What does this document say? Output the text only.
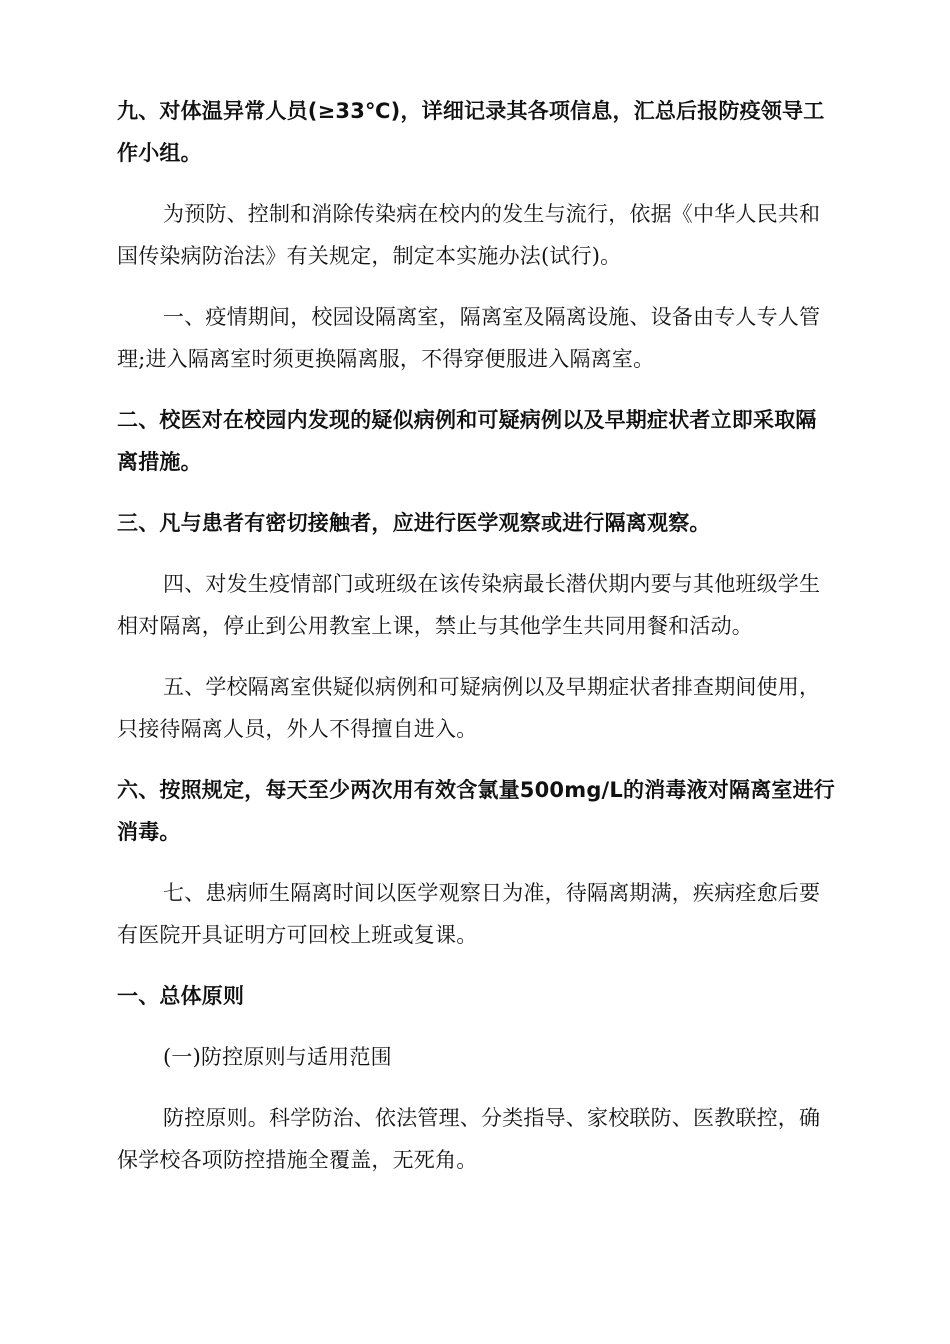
九、对体温异常人员(≥33℃)，详细记录其各项信息，汇总后报防疫领导工作小组。

为预防、控制和消除传染病在校内的发生与流行，依据《中华人民共和国传染病防治法》有关规定，制定本实施办法(试行)。

一、疫情期间，校园设隔离室，隔离室及隔离设施、设备由专人专人管理;进入隔离室时须更换隔离服，不得穿便服进入隔离室。

二、校医对在校园内发现的疑似病例和可疑病例以及早期症状者立即采取隔离措施。

三、凡与患者有密切接触者，应进行医学观察或进行隔离观察。

四、对发生疫情部门或班级在该传染病最长潜伏期内要与其他班级学生相对隔离，停止到公用教室上课，禁止与其他学生共同用餐和活动。

五、学校隔离室供疑似病例和可疑病例以及早期症状者排查期间使用，只接待隔离人员，外人不得擅自进入。

六、按照规定，每天至少两次用有效含氯量500mg/L的消毒液对隔离室进行消毒。

七、患病师生隔离时间以医学观察日为准，待隔离期满，疾病痊愈后要有医院开具证明方可回校上班或复课。

一、总体原则

(一)防控原则与适用范围

防控原则。科学防治、依法管理、分类指导、家校联防、医教联控，确保学校各项防控措施全覆盖，无死角。
